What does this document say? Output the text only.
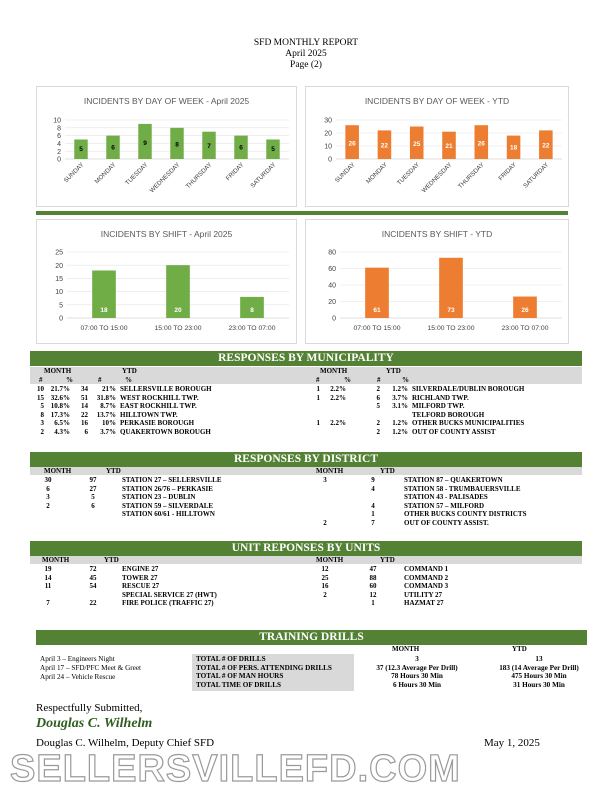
SFD MONTHLY REPORT
April 2025
Page (2)
INCIDENTS BY DAY OF WEEK - April 2025
0
2
4
6
8
10
5
SUNDAY
6
MONDAY
9
TUESDAY
8
WEDNESDAY
7
THURSDAY
6
FRIDAY
5
SATURDAY
INCIDENTS BY DAY OF WEEK - YTD
0
10
20
30
26
SUNDAY
22
MONDAY
25
TUESDAY
21
WEDNESDAY
26
THURSDAY
18
FRIDAY
22
SATURDAY
INCIDENTS BY SHIFT - April 2025
0
5
10
15
20
25
18
07:00 TO 15:00
20
15:00 TO 23:00
8
23:00 TO 07:00
INCIDENTS BY SHIFT - YTD
0
20
40
60
80
61
07:00 TO 15:00
73
15:00 TO 23:00
26
23:00 TO 07:00
RESPONSES BY MUNICIPALITY
MONTH	YTD	MONTH	YTD
#	%	#	%	#	%	#	%
10	21.7%	34	21%	SELLERSVILLE BOROUGH
15	32.6%	51	31.8%	WEST ROCKHILL TWP.
5	10.8%	14	8.7%	EAST ROCKHILL TWP.
8	17.3%	22	13.7%	HILLTOWN TWP.
3	6.5%	16	10%	PERKASIE BOROUGH
2	4.3%	6	3.7%	QUAKERTOWN BOROUGH
1	2.2%	2	1.2%	SILVERDALE/DUBLIN BOROUGH
1	2.2%	6	3.7%	RICHLAND TWP.
		5	3.1%	MILFORD TWP.
				TELFORD BOROUGH
1	2.2%	2	1.2%	OTHER BUCKS MUNICIPALITIES
		2	1.2%	OUT OF COUNTY ASSIST
RESPONSES BY DISTRICT
MONTH	YTD	MONTH	YTD
30	97	STATION 27 – SELLERSVILLE
6	27	STATION 26/76 – PERKASIE
3	5	STATION 23 – DUBLIN
2	6	STATION 59 – SILVERDALE
		STATION 60/61 - HILLTOWN
3	9	STATION 87 – QUAKERTOWN
	4	STATION 58 - TRUMBAUERSVILLE
		STATION 43 - PALISADES
	4	STATION 57 – MILFORD
	1	OTHER BUCKS COUNTY DISTRICTS
2	7	OUT OF COUNTY ASSIST.
UNIT REPONSES BY UNITS
MONTH	YTD	MONTH	YTD
19	72	ENGINE 27
14	45	TOWER 27
11	54	RESCUE 27
		SPECIAL SERVICE 27 (HWT)
7	22	FIRE POLICE (TRAFFIC 27)
12	47	COMMAND 1
25	88	COMMAND 2
16	60	COMMAND 3
2	12	UTILITY 27
	1	HAZMAT 27
TRAINING DRILLS
MONTH	YTD
April 3 – Engineers Night
April 17 – SFD/PFC Meet & Greet
April 24 – Vehicle Rescue
TOTAL # OF DRILLS	3	13
TOTAL # OF PERS. ATTENDING DRILLS	37 (12.3 Average Per Drill)	183 (14 Average Per Drill)
TOTAL # OF MAN HOURS	78 Hours 30 Min	475 Hours 30 Min
TOTAL TIME OF DRILLS	6 Hours 30 Min	31 Hours 30 Min
Respectfully Submitted,
Douglas C. Wilhelm
Douglas C. Wilhelm, Deputy Chief SFD	May 1, 2025
SELLERSVILLEFD.COM
